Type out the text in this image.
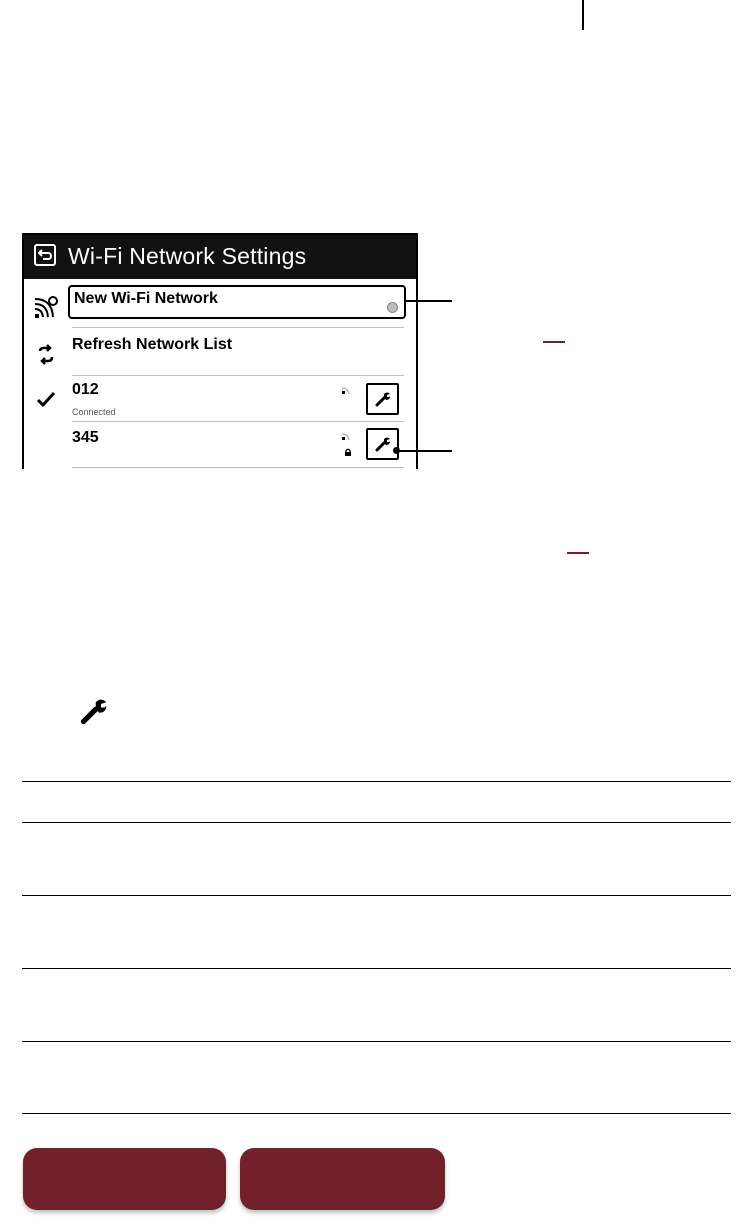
Wi-Fi Network Settings
New Wi-Fi Network
Refresh Network List
012
Connected
345
